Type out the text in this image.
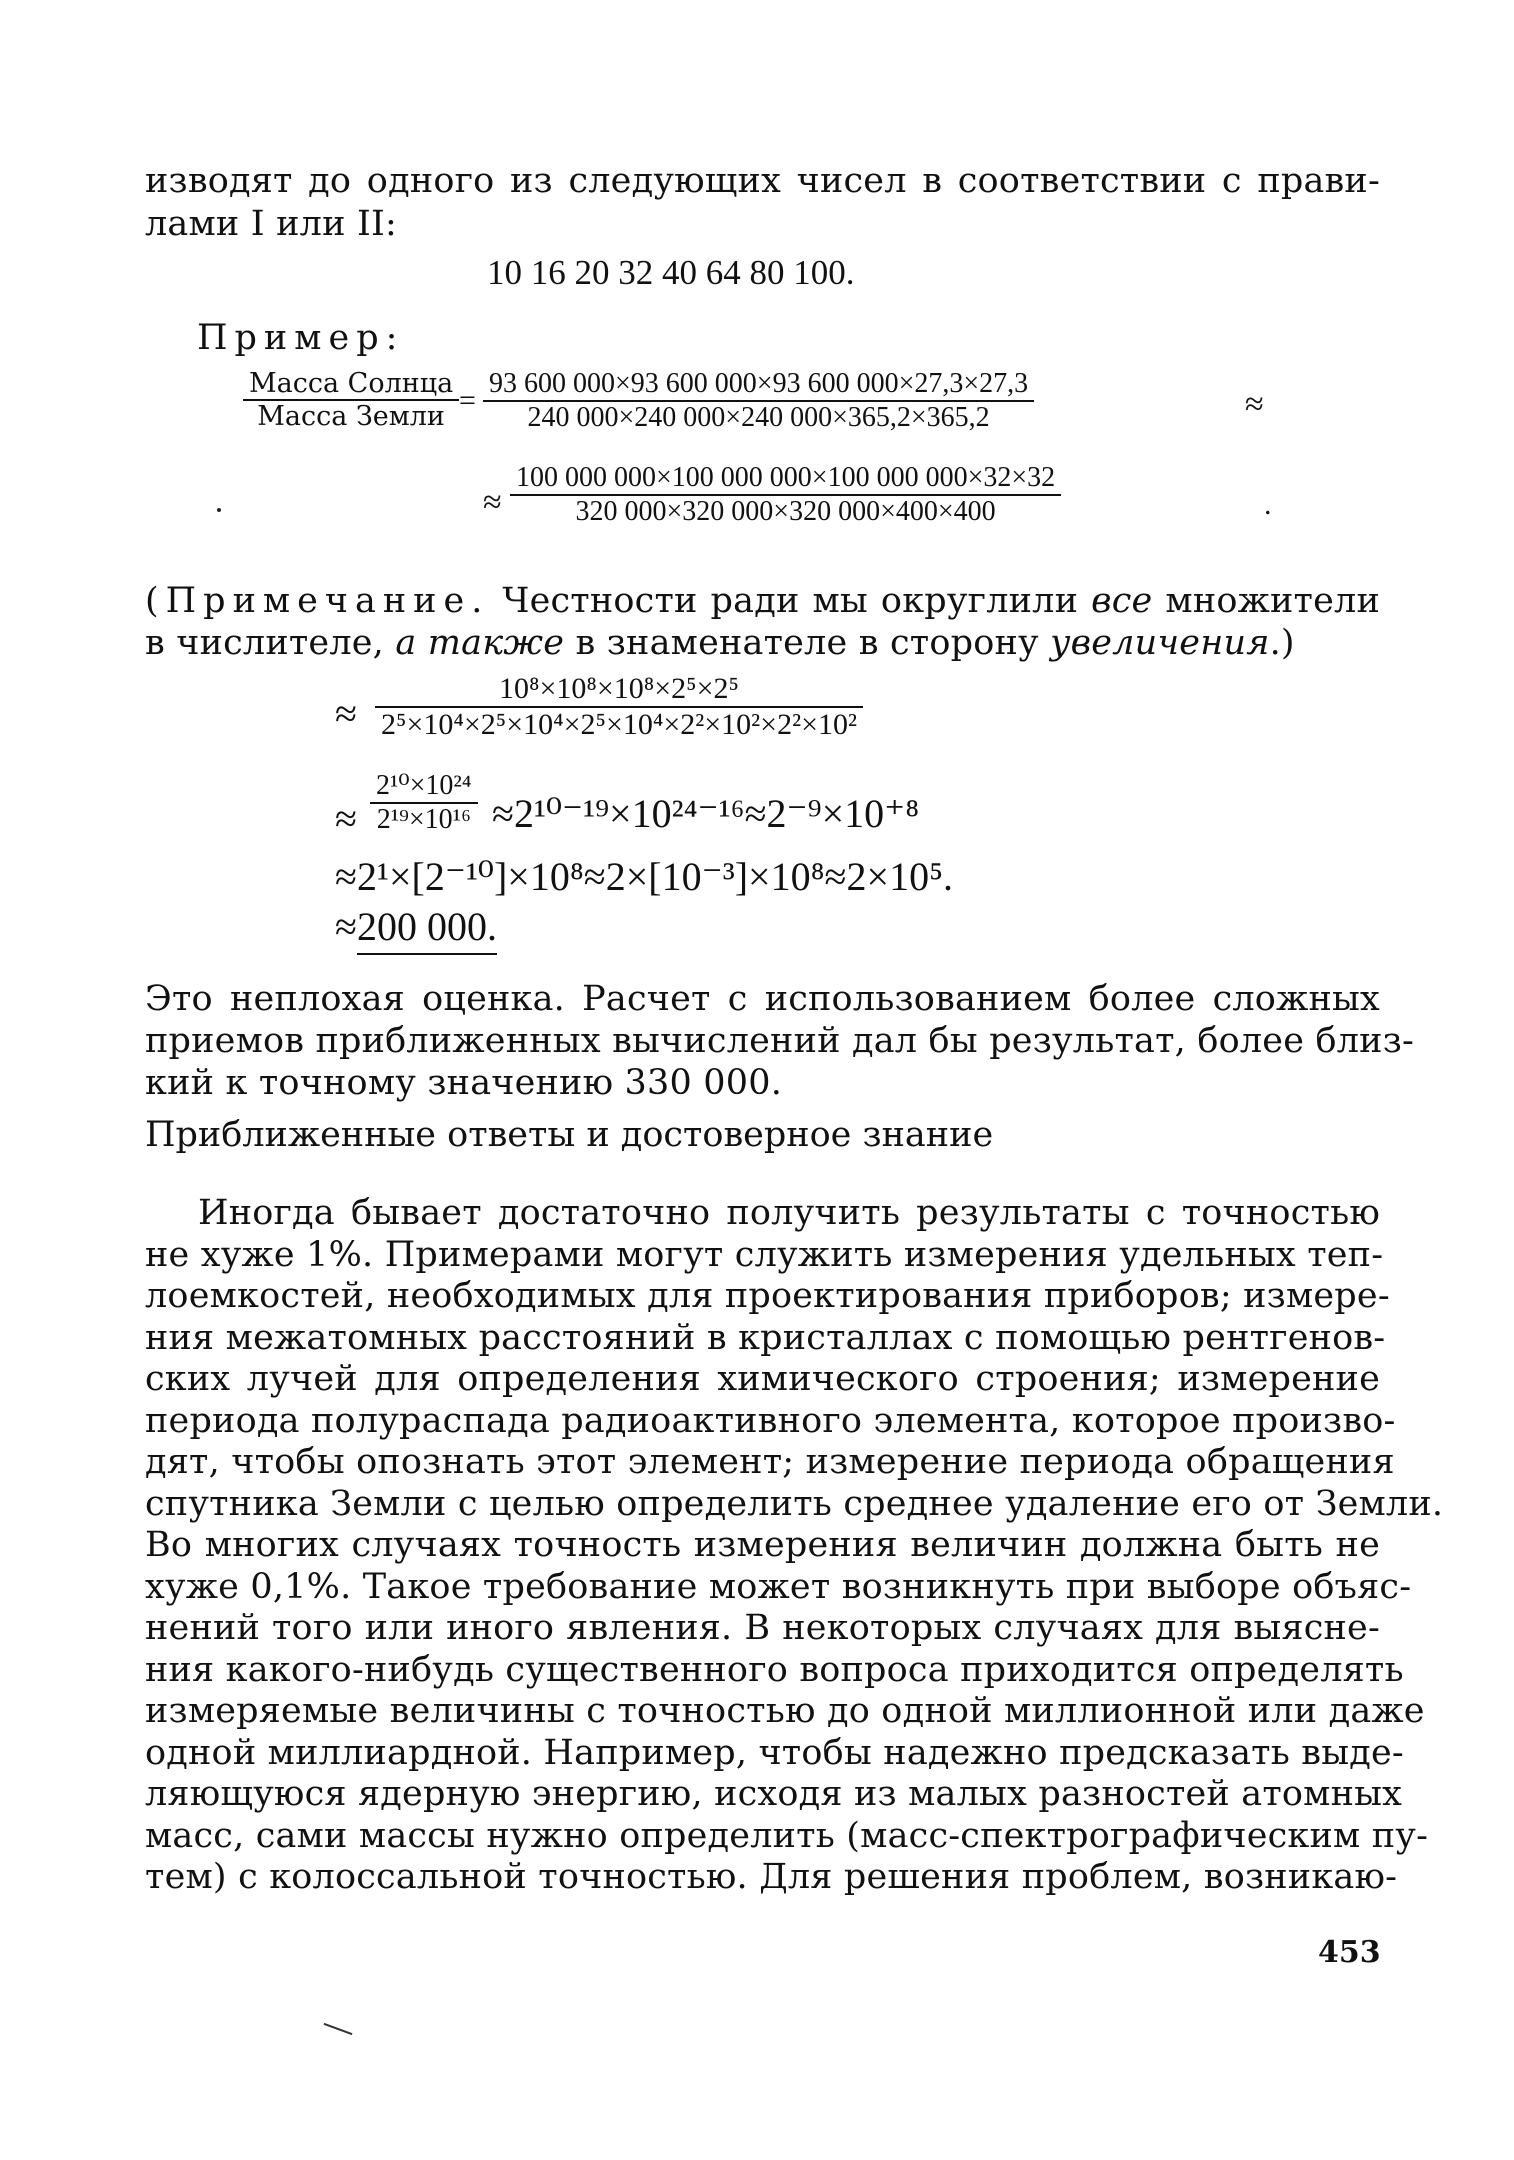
изводят до одного из следующих чисел в соответствии с прави-
лами I или II:
10 16 20 32 40 64 80 100.
Пример:
Масса Солнца
Масса Земли =
93 600 000×93 600 000×93 600 000×27,3×27,3
240 000×240 000×240 000×365,2×365,2	≈
≈
100 000 000×100 000 000×100 000 000×32×32
320 000×320 000×320 000×400×400	.
(Примечание. Честности ради мы округлили все множители
в числителе, а также в знаменателе в сторону увеличения.)
≈
10⁸×10⁸×10⁸×2⁵×2⁵
2⁵×10⁴×2⁵×10⁴×2⁵×10⁴×2²×10²×2²×10²
≈
2¹⁰×10²⁴
2¹⁹×10¹⁶ ≈2¹⁰⁻¹⁹×10²⁴⁻¹⁶≈2⁻⁹×10⁺⁸
≈2¹×[2⁻¹⁰]×10⁸≈2×[10⁻³]×10⁸≈2×10⁵.
≈200 000.
Это неплохая оценка. Расчет с использованием более сложных
приемов приближенных вычислений дал бы результат, более близ-
кий к точному значению 330 000.
Приближенные ответы и достоверное знание
Иногда бывает достаточно получить результаты с точностью
не хуже 1%. Примерами могут служить измерения удельных теп-
лоемкостей, необходимых для проектирования приборов; измере-
ния межатомных расстояний в кристаллах с помощью рентгенов-
ских лучей для определения химического строения; измерение
периода полураспада радиоактивного элемента, которое произво-
дят, чтобы опознать этот элемент; измерение периода обращения
спутника Земли с целью определить среднее удаление его от Земли.
Во многих случаях точность измерения величин должна быть не
хуже 0,1%. Такое требование может возникнуть при выборе объяс-
нений того или иного явления. В некоторых случаях для выясне-
ния какого-нибудь существенного вопроса приходится определять
измеряемые величины с точностью до одной миллионной или даже
одной миллиардной. Например, чтобы надежно предсказать выде-
ляющуюся ядерную энергию, исходя из малых разностей атомных
масс, сами массы нужно определить (масс-спектрографическим пу-
тем) с колоссальной точностью. Для решения проблем, возникаю-
453
